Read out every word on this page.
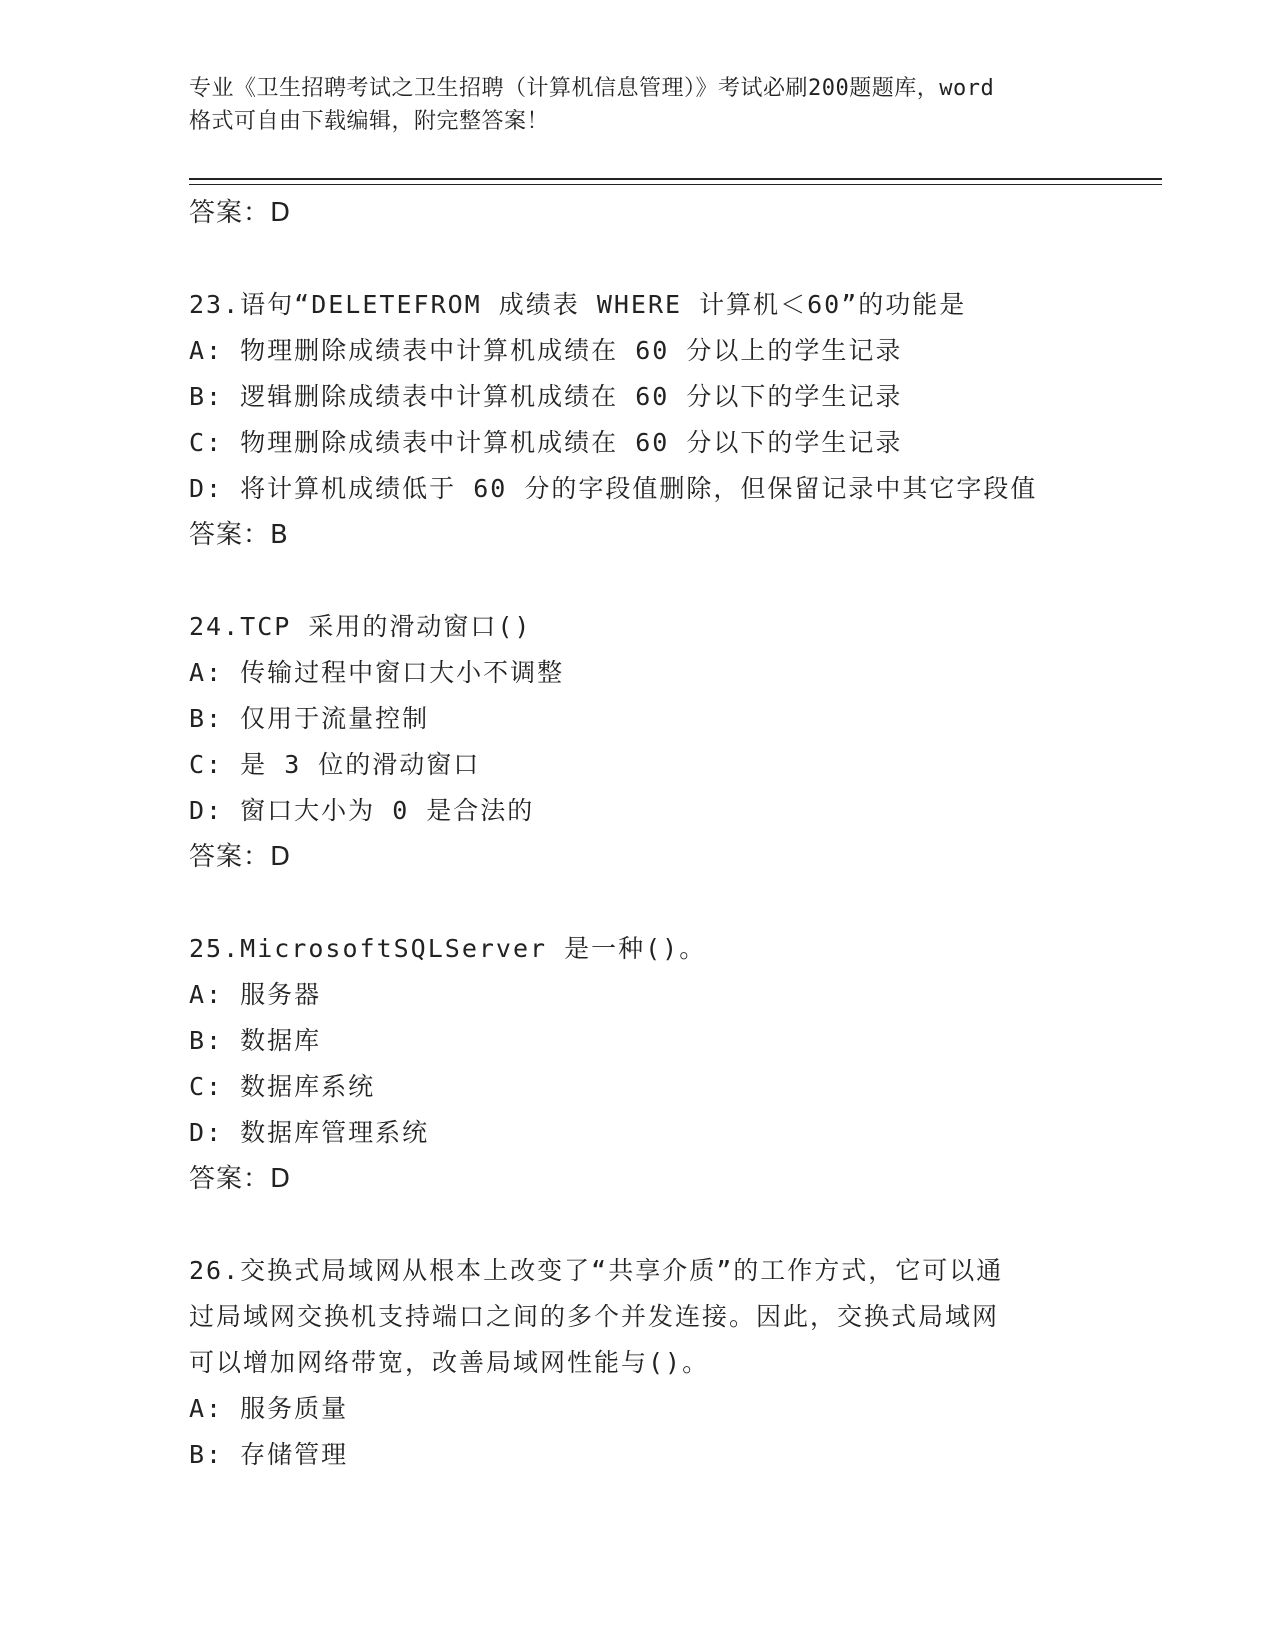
专业《卫生招聘考试之卫生招聘（计算机信息管理）》考试必刷200题题库，word
格式可自由下载编辑，附完整答案！
答案：D
23.语句“DELETEFROM 成绩表 WHERE 计算机＜60”的功能是
A: 物理删除成绩表中计算机成绩在 60 分以上的学生记录
B: 逻辑删除成绩表中计算机成绩在 60 分以下的学生记录
C: 物理删除成绩表中计算机成绩在 60 分以下的学生记录
D: 将计算机成绩低于 60 分的字段值删除，但保留记录中其它字段值
答案：B
24.TCP 采用的滑动窗口()
A: 传输过程中窗口大小不调整
B: 仅用于流量控制
C: 是 3 位的滑动窗口
D: 窗口大小为 0 是合法的
答案：D
25.MicrosoftSQLServer 是一种()。
A: 服务器
B: 数据库
C: 数据库系统
D: 数据库管理系统
答案：D
26.交换式局域网从根本上改变了“共享介质”的工作方式，它可以通
过局域网交换机支持端口之间的多个并发连接。因此，交换式局域网
可以增加网络带宽，改善局域网性能与()。
A: 服务质量
B: 存储管理
